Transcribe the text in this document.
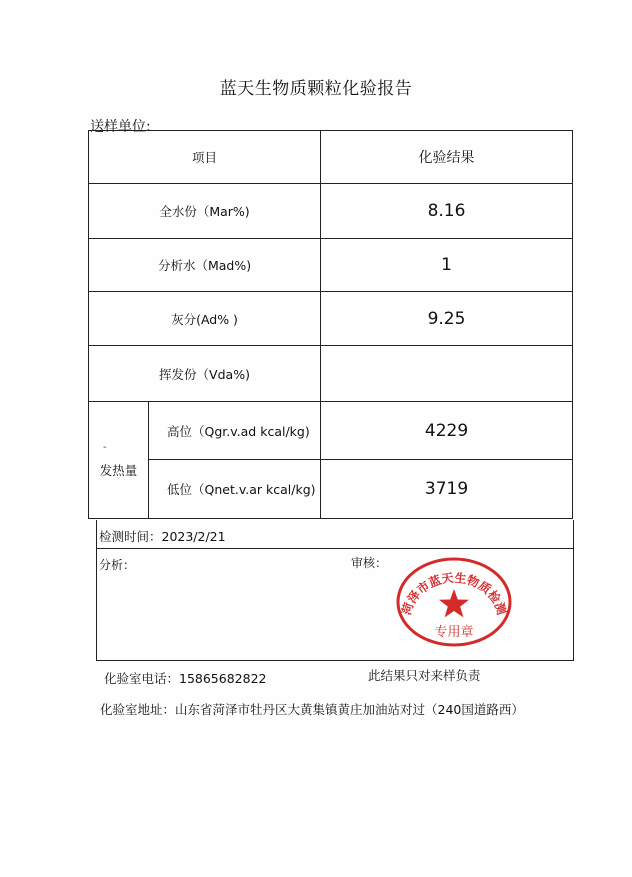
蓝天生物质颗粒化验报告
送样单位:
项目		化验结果
全水份（Mar%)		8.16
分析水（Mad%)		1
灰分(Ad% )		9.25
挥发份（Vda%)		

-
发热量	高位（Qgr.v.ad kcal/kg)	4229
	低位（Qnet.v.ar kcal/kg)	3719
检测时间：2023/2/21
分析：	审核：
菏泽市蓝天生物质检测
专用章
化验室电话：15865682822	此结果只对来样负责
化验室地址：山东省菏泽市牡丹区大黄集镇黄庄加油站对过（240国道路西）
